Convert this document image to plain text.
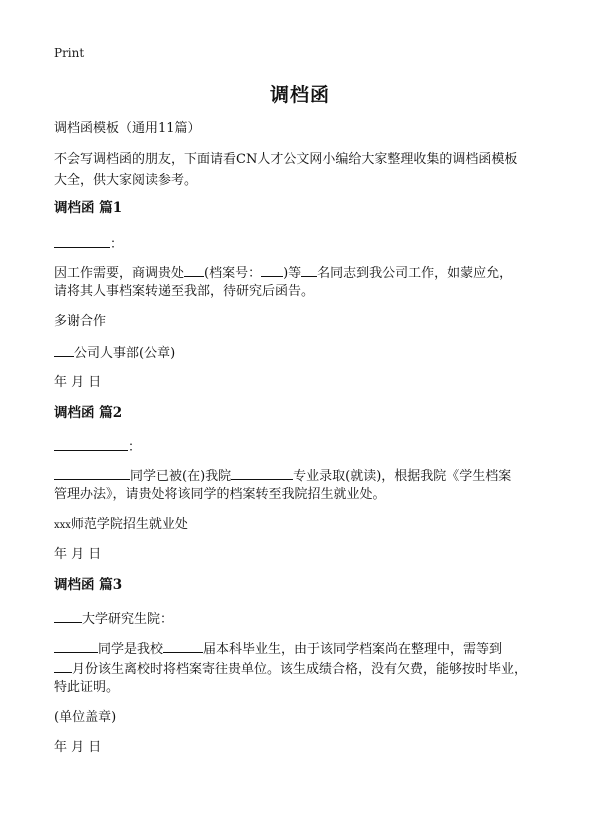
Print
调档函
调档函模板（通用11篇）
不会写调档函的朋友，下面请看CN人才公文网小编给大家整理收集的调档函模板
大全，供大家阅读参考。
调档函 篇1
：
因工作需要，商调贵处 (档案号： )等 名同志到我公司工作，如蒙应允，
请将其人事档案转递至我部，待研究后函告。
多谢合作
公司人事部(公章)
年 月 日
调档函 篇2
：
同学已被(在)我院	专业录取(就读)，根据我院《学生档案
管理办法》，请贵处将该同学的档案转至我院招生就业处。
xxx师范学院招生就业处
年 月 日
调档函 篇3
大学研究生院：
同学是我校	届本科毕业生，由于该同学档案尚在整理中，需等到
月份该生离校时将档案寄往贵单位。该生成绩合格，没有欠费，能够按时毕业，
特此证明。
(单位盖章)
年 月 日
